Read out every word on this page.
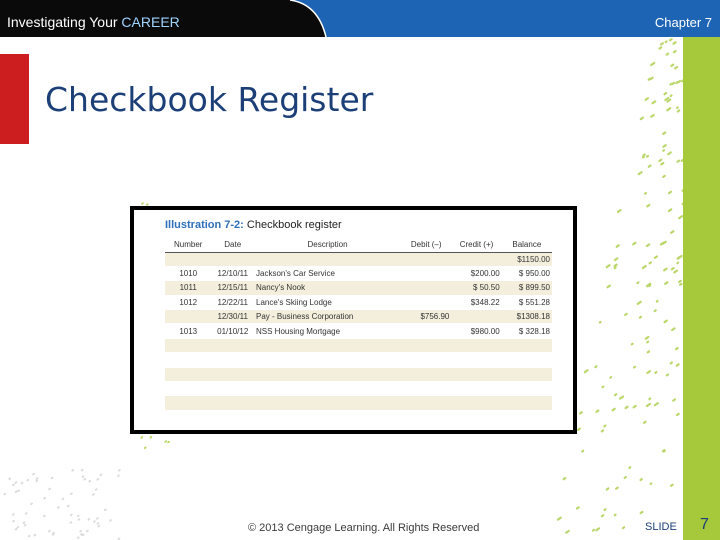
Investigating Your CAREER	Chapter 7
Checkbook Register
Illustration 7-2: Checkbook register
Number	Date	Description	Debit (–)	Credit (+)	Balance
					$1150.00
1010	12/10/11	Jackson's Car Service		$200.00	$ 950.00
1011	12/15/11	Nancy's Nook		$ 50.50	$ 899.50
1012	12/22/11	Lance's Skiing Lodge		$348.22	$ 551.28
	12/30/11	Pay - Business Corporation	$756.90		$1308.18
1013	01/10/12	NSS Housing Mortgage		$980.00	$ 328.18

© 2013 Cengage Learning. All Rights Reserved	SLIDE 7
